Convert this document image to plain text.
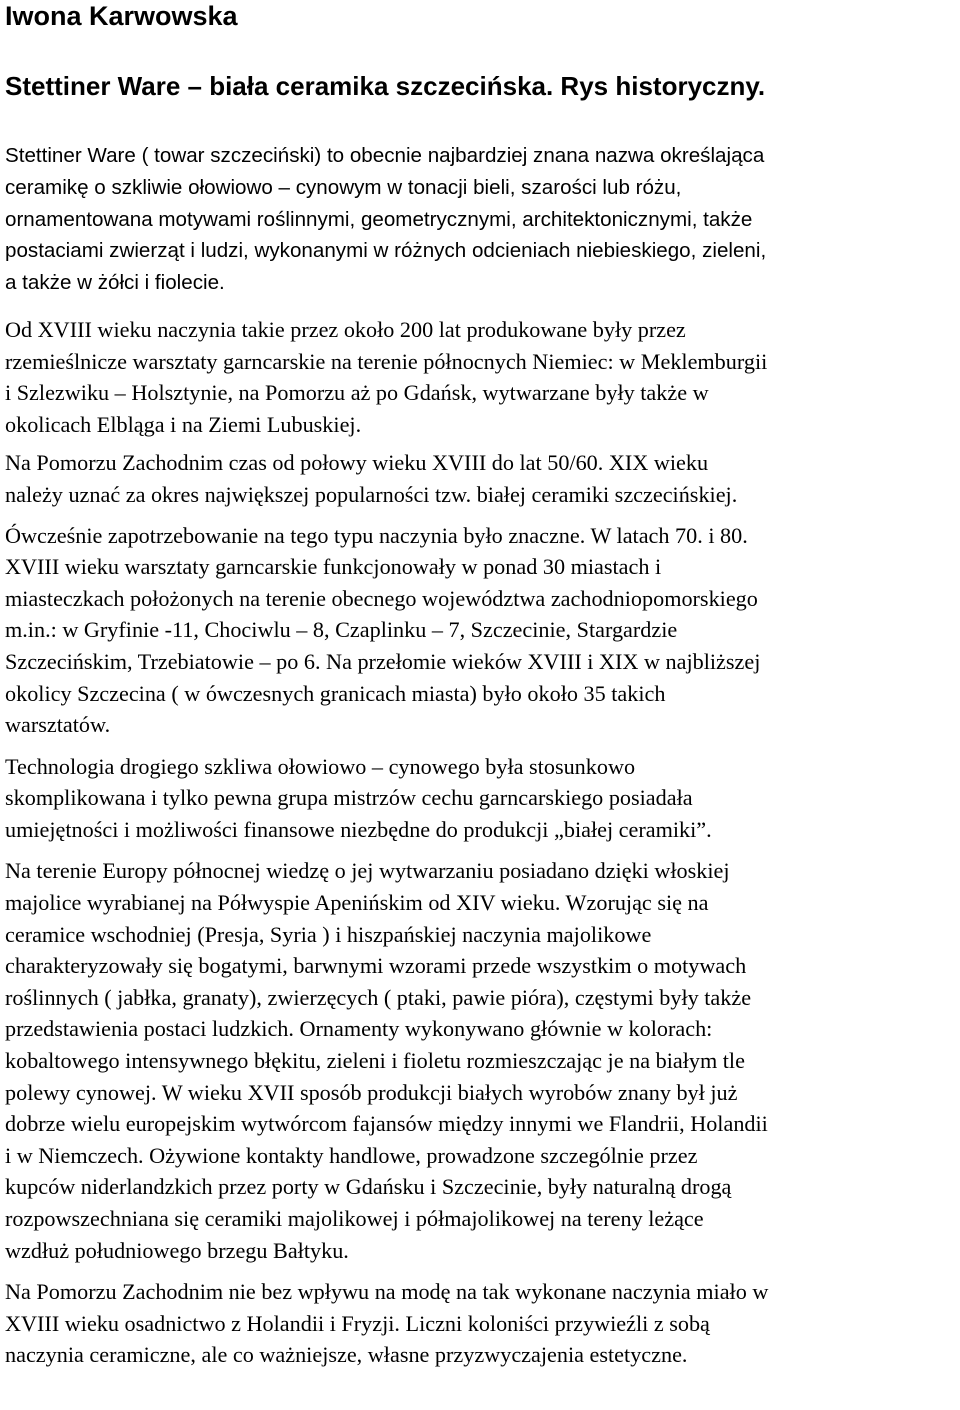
Iwona Karwowska
Stettiner Ware – biała ceramika szczecińska. Rys historyczny.

Stettiner Ware ( towar szczeciński) to obecnie najbardziej znana nazwa określająca
ceramikę o szkliwie ołowiowo – cynowym w tonacji bieli, szarości lub różu,
ornamentowana motywami roślinnymi, geometrycznymi, architektonicznymi, także
postaciami zwierząt i ludzi, wykonanymi w różnych odcieniach niebieskiego, zieleni,
a także w żółci i fiolecie.

Od XVIII wieku naczynia takie przez około 200 lat produkowane były przez
rzemieślnicze warsztaty garncarskie na terenie północnych Niemiec: w Meklemburgii
i Szlezwiku – Holsztynie, na Pomorzu aż po Gdańsk, wytwarzane były także w
okolicach Elbląga i na Ziemi Lubuskiej.

Na Pomorzu Zachodnim czas od połowy wieku XVIII do lat 50/60. XIX wieku
należy uznać za okres największej popularności tzw. białej ceramiki szczecińskiej.

Ówcześnie zapotrzebowanie na tego typu naczynia było znaczne. W latach 70. i 80.
XVIII wieku warsztaty garncarskie funkcjonowały w ponad 30 miastach i
miasteczkach położonych na terenie obecnego województwa zachodniopomorskiego
m.in.: w Gryfinie -11, Chociwlu – 8, Czaplinku – 7, Szczecinie, Stargardzie
Szczecińskim, Trzebiatowie – po 6. Na przełomie wieków XVIII i XIX w najbliższej
okolicy Szczecina ( w ówczesnych granicach miasta) było około 35 takich
warsztatów.

Technologia drogiego szkliwa ołowiowo – cynowego była stosunkowo
skomplikowana i tylko pewna grupa mistrzów cechu garncarskiego posiadała
umiejętności i możliwości finansowe niezbędne do produkcji „białej ceramiki”.

Na terenie Europy północnej wiedzę o jej wytwarzaniu posiadano dzięki włoskiej
majolice wyrabianej na Półwyspie Apenińskim od XIV wieku. Wzorując się na
ceramice wschodniej (Presja, Syria ) i hiszpańskiej naczynia majolikowe
charakteryzowały się bogatymi, barwnymi wzorami przede wszystkim o motywach
roślinnych ( jabłka, granaty), zwierzęcych ( ptaki, pawie pióra), częstymi były także
przedstawienia postaci ludzkich. Ornamenty wykonywano głównie w kolorach:
kobaltowego intensywnego błękitu, zieleni i fioletu rozmieszczając je na białym tle
polewy cynowej. W wieku XVII sposób produkcji białych wyrobów znany był już
dobrze wielu europejskim wytwórcom fajansów między innymi we Flandrii, Holandii
i w Niemczech. Ożywione kontakty handlowe, prowadzone szczególnie przez
kupców niderlandzkich przez porty w Gdańsku i Szczecinie, były naturalną drogą
rozpowszechniana się ceramiki majolikowej i półmajolikowej na tereny leżące
wzdłuż południowego brzegu Bałtyku.

Na Pomorzu Zachodnim nie bez wpływu na modę na tak wykonane naczynia miało w
XVIII wieku osadnictwo z Holandii i Fryzji. Liczni koloniści przywieźli z sobą
naczynia ceramiczne, ale co ważniejsze, własne przyzwyczajenia estetyczne.
